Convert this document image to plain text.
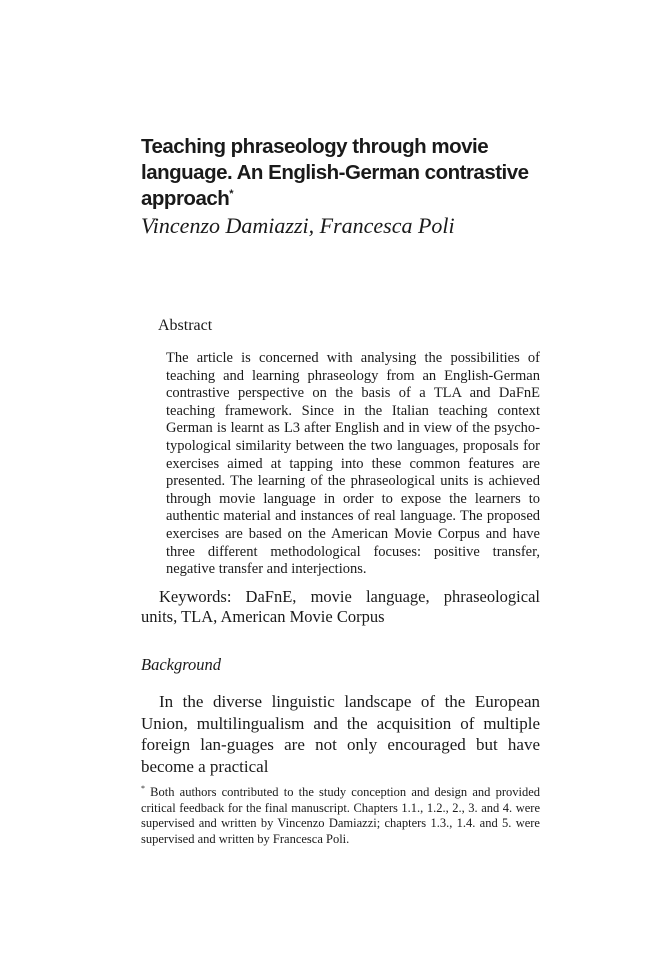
Teaching phraseology through movie language. An English-German contrastive approach*

Vincenzo Damiazzi, Francesca Poli

Abstract

The article is concerned with analysing the possibilities of teaching and learning phraseology from an English-German contrastive perspective on the basis of a TLA and DaFnE teaching framework. Since in the Italian teaching context German is learnt as L3 after English and in view of the psycho-typological similarity between the two languages, proposals for exercises aimed at tapping into these common features are presented. The learning of the phraseological units is achieved through movie language in order to expose the learners to authentic material and instances of real language. The proposed exercises are based on the American Movie Corpus and have three different methodological focuses: positive transfer, negative transfer and interjections.

Keywords: DaFnE, movie language, phraseological units, TLA, American Movie Corpus

Background

In the diverse linguistic landscape of the European Union, multilingualism and the acquisition of multiple foreign lan-guages are not only encouraged but have become a practical

* Both authors contributed to the study conception and design and provided critical feedback for the final manuscript. Chapters 1.1., 1.2., 2., 3. and 4. were supervised and written by Vincenzo Damiazzi; chapters 1.3., 1.4. and 5. were supervised and written by Francesca Poli.
